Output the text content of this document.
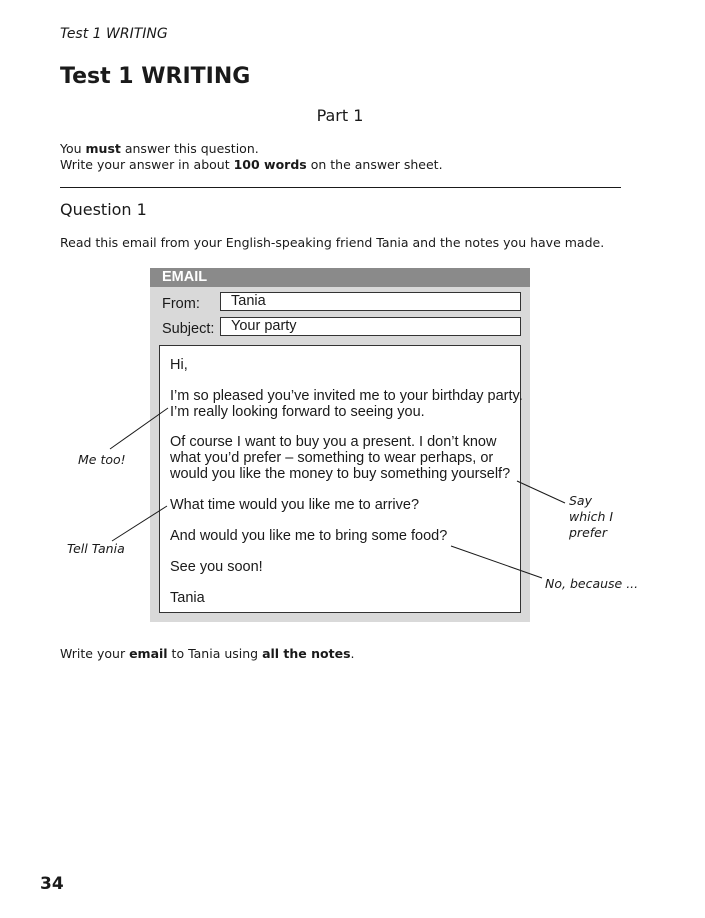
Test 1 WRITING
Test 1 WRITING
Part 1
You must answer this question.
Write your answer in about 100 words on the answer sheet.
Question 1
Read this email from your English-speaking friend Tania and the notes you have made.
EMAIL
From: Tania
Subject: Your party
Hi,
I’m so pleased you’ve invited me to your birthday party.
I’m really looking forward to seeing you.
Of course I want to buy you a present. I don’t know
what you’d prefer – something to wear perhaps, or
would you like the money to buy something yourself?
What time would you like me to arrive?
And would you like me to bring some food?
See you soon!
Tania
Me too!
Tell Tania
Say
which I
prefer
No, because ...
Write your email to Tania using all the notes.
34
